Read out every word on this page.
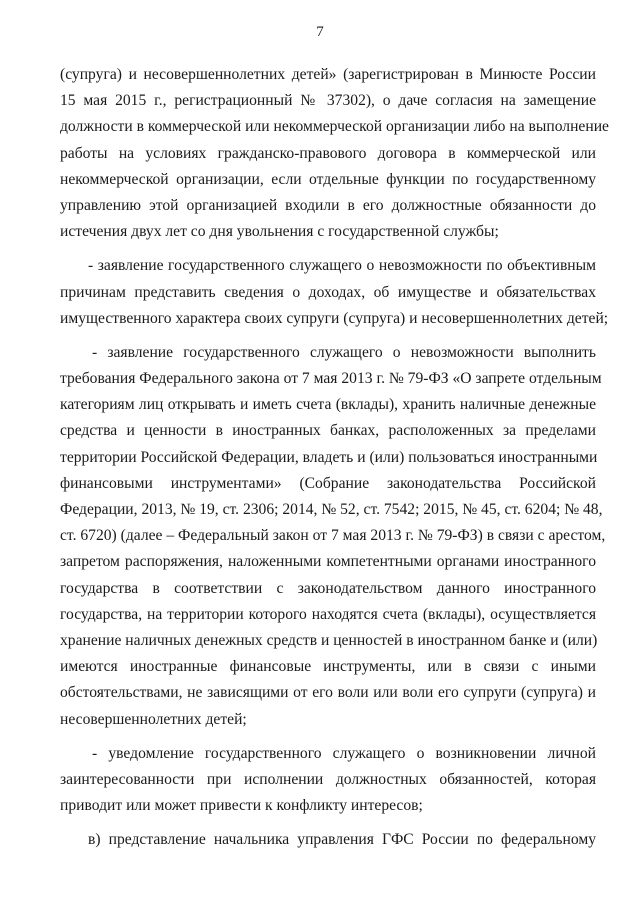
7
(супруга) и несовершеннолетних детей» (зарегистрирован в Минюсте России
15 мая 2015 г., регистрационный № 37302), о даче согласия на замещение
должности в коммерческой или некоммерческой организации либо на выполнение
работы на условиях гражданско-правового договора в коммерческой или
некоммерческой организации, если отдельные функции по государственному
управлению этой организацией входили в его должностные обязанности до
истечения двух лет со дня увольнения с государственной службы;
- заявление государственного служащего о невозможности по объективным
причинам представить сведения о доходах, об имуществе и обязательствах
имущественного характера своих супруги (супруга) и несовершеннолетних детей;
- заявление государственного служащего о невозможности выполнить
требования Федерального закона от 7 мая 2013 г. № 79-ФЗ «О запрете отдельным
категориям лиц открывать и иметь счета (вклады), хранить наличные денежные
средства и ценности в иностранных банках, расположенных за пределами
территории Российской Федерации, владеть и (или) пользоваться иностранными
финансовыми инструментами» (Собрание законодательства Российской
Федерации, 2013, № 19, ст. 2306; 2014, № 52, ст. 7542; 2015, № 45, ст. 6204; № 48,
ст. 6720) (далее – Федеральный закон от 7 мая 2013 г. № 79-ФЗ) в связи с арестом,
запретом распоряжения, наложенными компетентными органами иностранного
государства в соответствии с законодательством данного иностранного
государства, на территории которого находятся счета (вклады), осуществляется
хранение наличных денежных средств и ценностей в иностранном банке и (или)
имеются иностранные финансовые инструменты, или в связи с иными
обстоятельствами, не зависящими от его воли или воли его супруги (супруга) и
несовершеннолетних детей;
- уведомление государственного служащего о возникновении личной
заинтересованности при исполнении должностных обязанностей, которая
приводит или может привести к конфликту интересов;
в) представление начальника управления ГФС России по федеральному
